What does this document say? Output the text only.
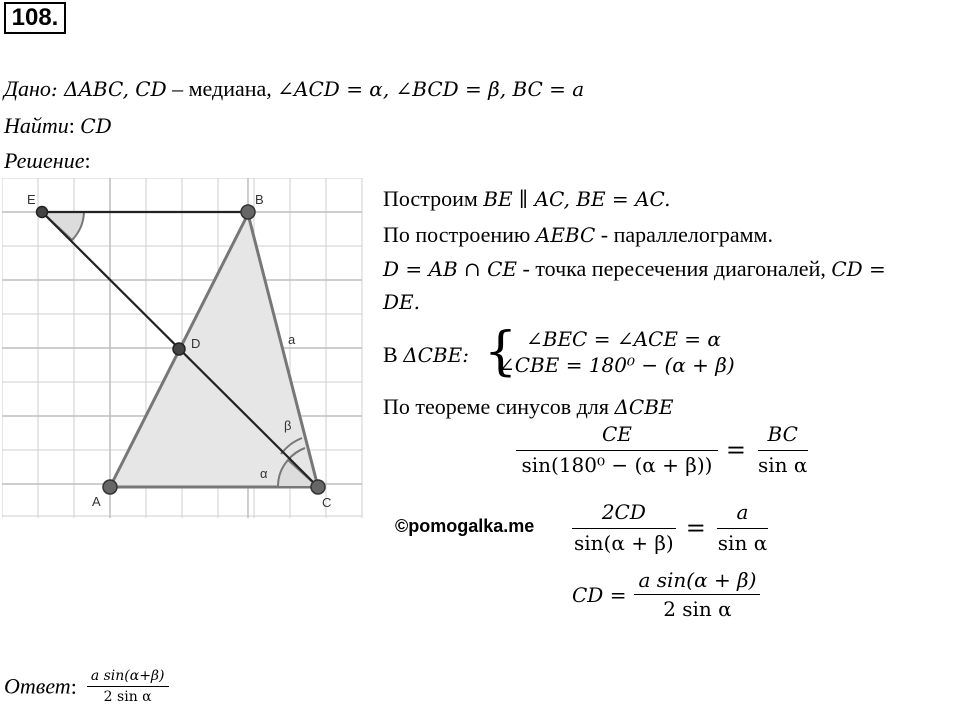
108.
Дано: ΔABC, CD – медиана, ∠ACD = α, ∠BCD = β, BC = a
Найти: CD
Решение:
E	B
D
A	C
a
α
β
Построим BE ∥ AC, BE = AC.
По построению AEBC - параллелограмм.
D = AB ∩ CE - точка пересечения диагоналей, CD =
DE.
В ΔCBE: { ∠BEC = ∠ACE = α
∠CBE = 180⁰ − (α + β)
По теореме синусов для ΔCBE
$\frac{CE}{\text{sin(180⁰ − (α + β))}} = \frac{BC}{\text{sin α}}$
©pomogalka.me $\frac{2CD}{\sin(\alpha + \beta)} = \frac{a}{\text{sin α}}$
CD = $\frac{\text{a sin(α + β)}}{\text{2 sin α}}$
Ответ: $\frac{\text{a sin(α+β)}}{\text{2 sin α}}$
